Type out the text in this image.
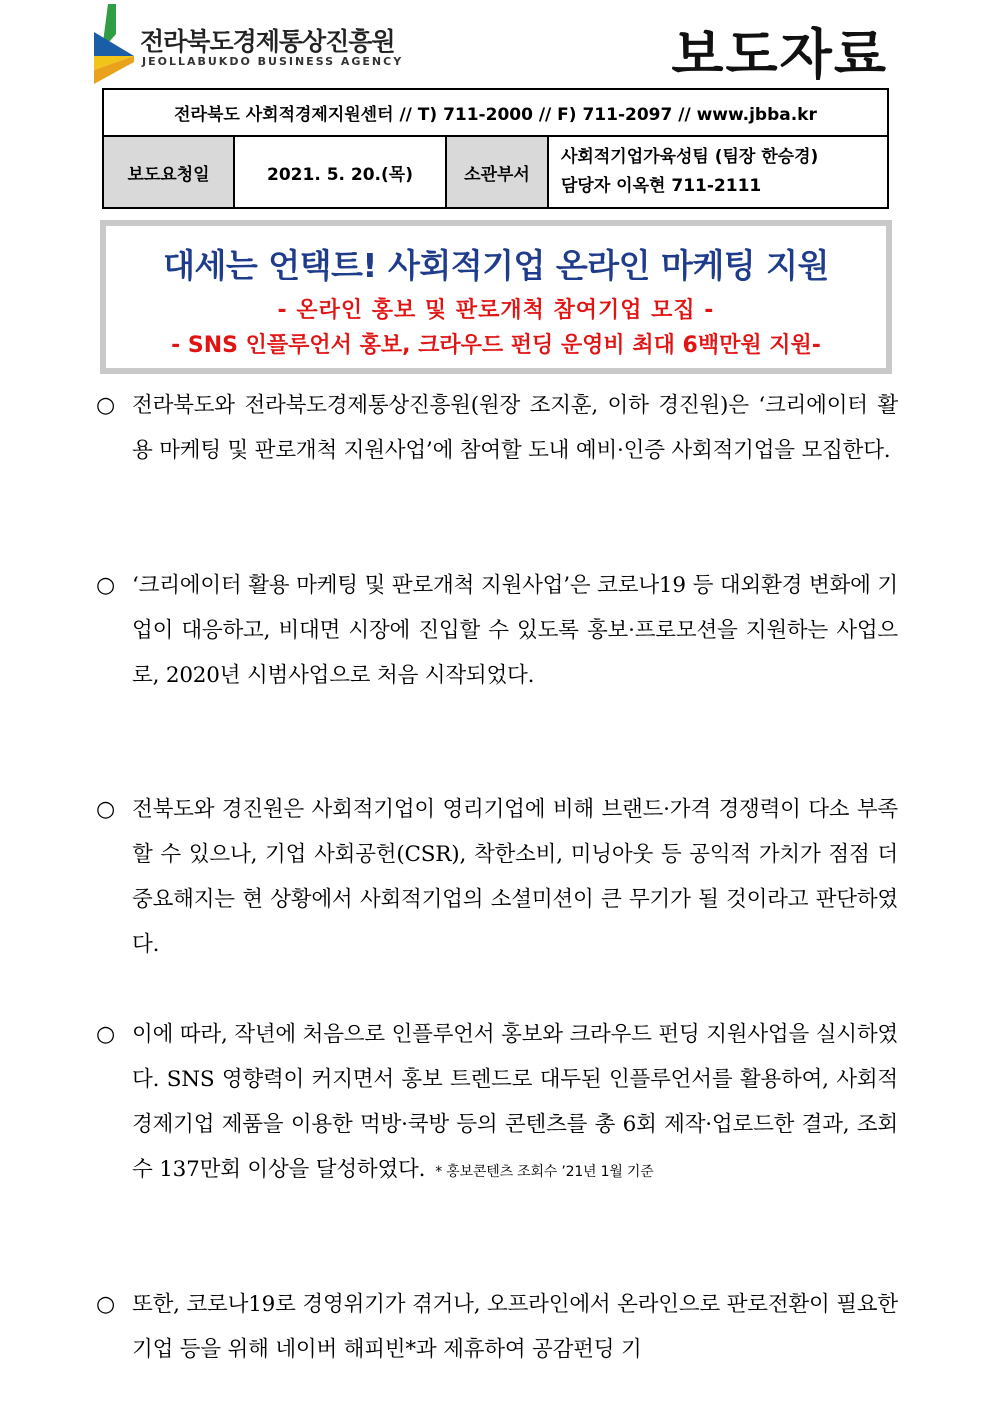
전라북도경제통상진흥원
JEOLLABUKDO BUSINESS AGENCY	보도자료
전라북도 사회적경제지원센터 // T) 711-2000 // F) 711-2097 // www.jbba.kr
보도요청일	2021. 5. 20.(목)	소관부서	
사회적기업가육성팀 (팀장 한승경)
담당자 이옥현 711-2111
대세는 언택트! 사회적기업 온라인 마케팅 지원
- 온라인 홍보 및 판로개척 참여기업 모집 -
- SNS 인플루언서 홍보, 크라우드 펀딩 운영비 최대 6백만원 지원-
○ 전라북도와 전라북도경제통상진흥원(원장 조지훈, 이하 경진원)은 ‘크리에이터 활용 마케팅 및 판로개척 지원사업’에 참여할 도내 예비·인증 사회적기업을 모집한다.
○ ‘크리에이터 활용 마케팅 및 판로개척 지원사업’은 코로나19 등 대외환경 변화에 기업이 대응하고, 비대면 시장에 진입할 수 있도록 홍보·프로모션을 지원하는 사업으로, 2020년 시범사업으로 처음 시작되었다.
○ 전북도와 경진원은 사회적기업이 영리기업에 비해 브랜드·가격 경쟁력이 다소 부족할 수 있으나, 기업 사회공헌(CSR), 착한소비, 미닝아웃 등 공익적 가치가 점점 더 중요해지는 현 상황에서 사회적기업의 소셜미션이 큰 무기가 될 것이라고 판단하였다.
○ 이에 따라, 작년에 처음으로 인플루언서 홍보와 크라우드 펀딩 지원사업을 실시하였다. SNS 영향력이 커지면서 홍보 트렌드로 대두된 인플루언서를 활용하여, 사회적경제기업 제품을 이용한 먹방·쿡방 등의 콘텐츠를 총 6회 제작·업로드한 결과, 조회수 137만회 이상을 달성하였다. * 홍보콘텐츠 조회수 ’21년 1월 기준
○ 또한, 코로나19로 경영위기가 겪거나, 오프라인에서 온라인으로 판로전환이 필요한 기업 등을 위해 네이버 해피빈*과 제휴하여 공감펀딩 기
